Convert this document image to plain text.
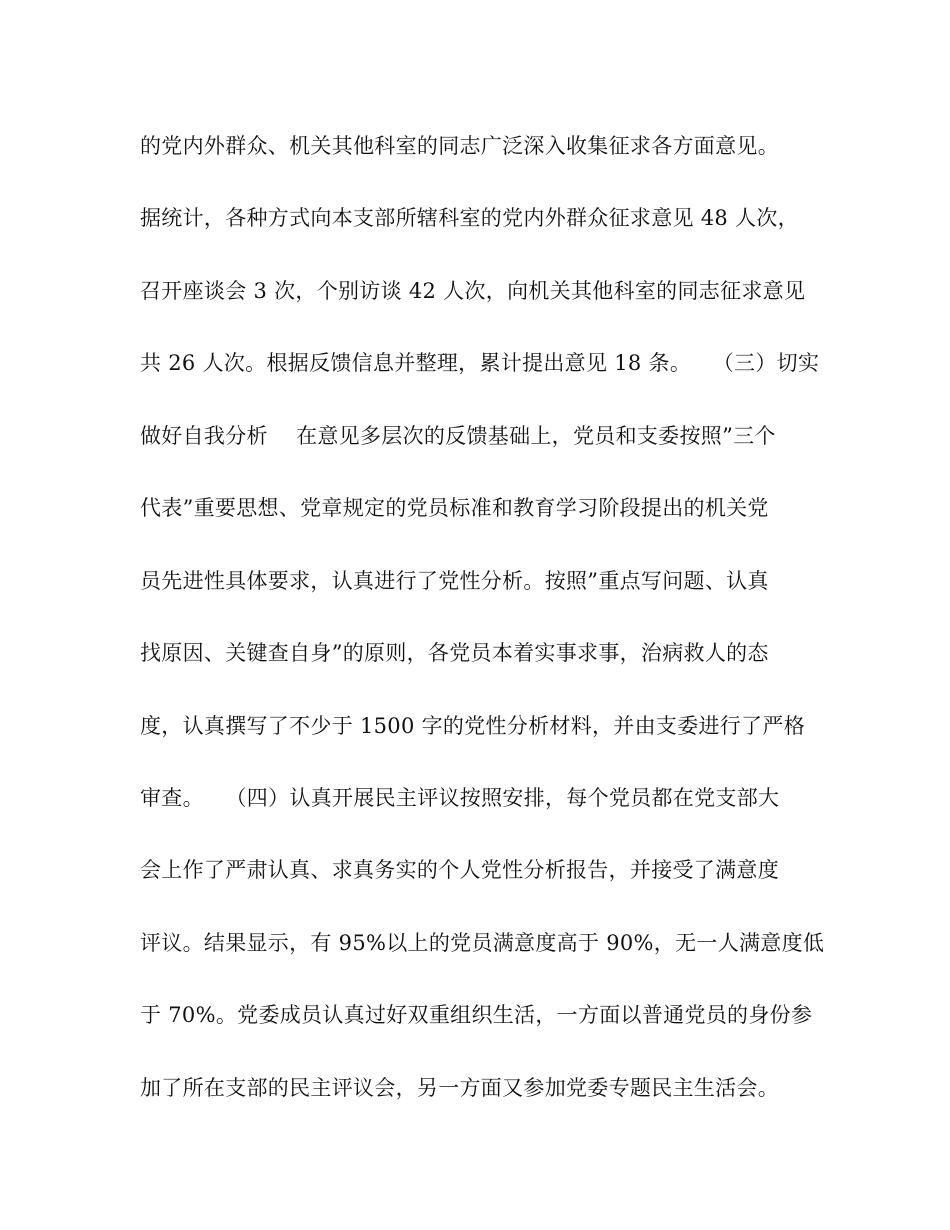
的党内外群众、机关其他科室的同志广泛深入收集征求各方面意见。
据统计，各种方式向本支部所辖科室的党内外群众征求意见 48 人次，
召开座谈会 3 次，个别访谈 42 人次，向机关其他科室的同志征求意见
共 26 人次。根据反馈信息并整理，累计提出意见 18 条。　　（三）切实
做好自我分析　 在意见多层次的反馈基础上，党员和支委按照”三个
代表”重要思想、党章规定的党员标准和教育学习阶段提出的机关党
员先进性具体要求，认真进行了党性分析。按照”重点写问题、认真
找原因、关键查自身”的原则，各党员本着实事求事，治病救人的态
度，认真撰写了不少于 1500 字的党性分析材料，并由支委进行了严格
审查。　　（四）认真开展民主评议按照安排，每个党员都在党支部大
会上作了严肃认真、求真务实的个人党性分析报告，并接受了满意度
评议。结果显示，有 95%以上的党员满意度高于 90%，无一人满意度低
于 70%。党委成员认真过好双重组织生活，一方面以普通党员的身份参
加了所在支部的民主评议会，另一方面又参加党委专题民主生活会。
